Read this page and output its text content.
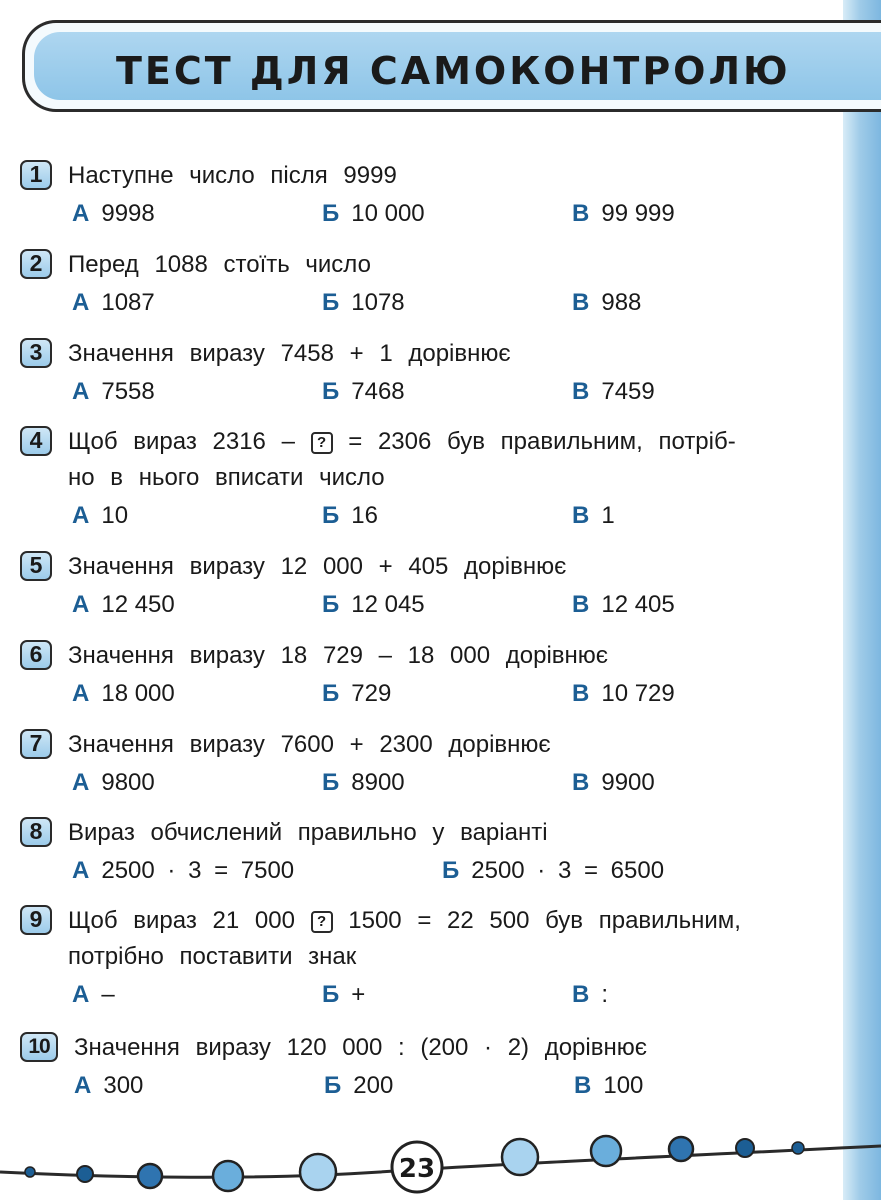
ТЕСТ ДЛЯ САМОКОНТРОЛЮ
1	Наступне число після 9999
А 9998	Б 10 000	В 99 999
2	Перед 1088 стоїть число
А 1087	Б 1078	В 988
3	Значення виразу 7458 + 1 дорівнює
А 7558	Б 7468	В 7459
4	Щоб вираз 2316 – ? = 2306 був правильним, потріб-
но в нього вписати число
А 10	Б 16	В 1
5	Значення виразу 12 000 + 405 дорівнює
А 12 450	Б 12 045	В 12 405
6	Значення виразу 18 729 – 18 000 дорівнює
А 18 000	Б 729	В 10 729
7	Значення виразу 7600 + 2300 дорівнює
А 9800	Б 8900	В 9900
8	Вираз обчислений правильно у варіанті
А 2500 · 3 = 7500	Б 2500 · 3 = 6500
9	Щоб вираз 21 000 ? 1500 = 22 500 був правильним,
потрібно поставити знак
А –	Б +	В :
10	Значення виразу 120 000 : (200 · 2) дорівнює
А 300	Б 200	В 100
23
